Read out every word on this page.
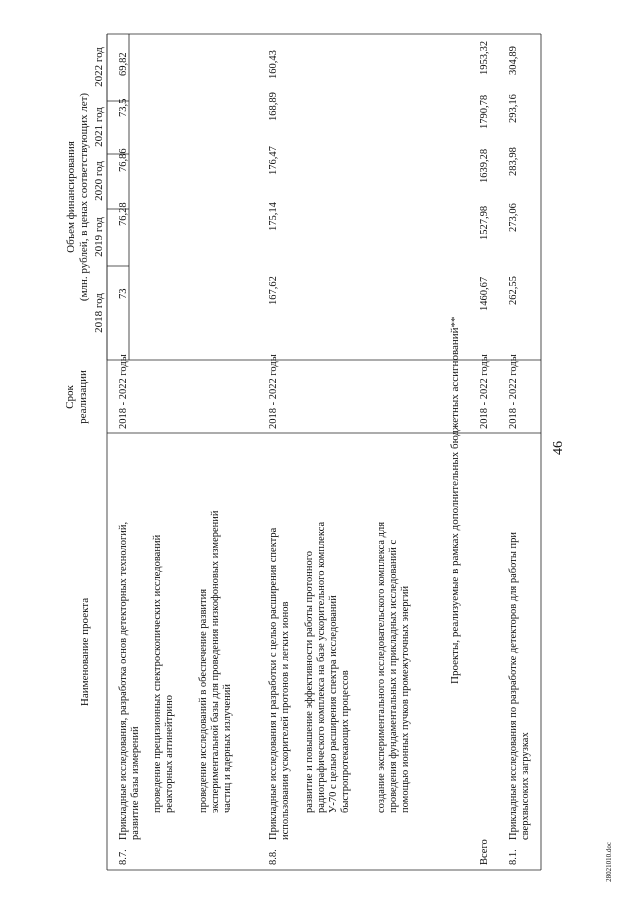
46
28021010.doc
Наименование проекта
Срок реализации
Объем финансирования (млн. рублей, в ценах соответствующих лет)
2018 год
2019 год
2020 год
2021 год
2022 год
8.7.
Прикладные исследования, разработка основ детекторных технологий, развитие базы измерений
2018 - 2022 годы
проведение прецизионных спектроскопических исследований реакторных антинейтрино проведение исследований в обеспечение развития экспериментальной базы для проведения низкофоновых измерений частиц и ядерных излучений
73
76,28
76,86
73,5
69,82
8.8.
Прикладные исследования и разработки с целью расширения спектра использования ускорителей протонов и легких ионов
2018 - 2022 годы
развитие и повышение эффективности работы протонного радиографического комплекса на базе ускорительного комплекса У-70 с целью расширения спектра исследований быстропротекающих процессов создание экспериментального исследовательского комплекса для проведения фундаментальных и прикладных исследований с помощью ионных пучков промежуточных энергий
167,62
175,14
176,47
168,89
160,43
Проекты, реализуемые в рамках дополнительных бюджетных ассигнований**
Всего
2018 - 2022 годы
1460,67
1527,98
1639,28
1790,78
1953,32
8.1.
Прикладные исследования по разработке детекторов для работы при сверхвысоких загрузках
2018 - 2022 годы
262,55
273,06
283,98
293,16
304,89
